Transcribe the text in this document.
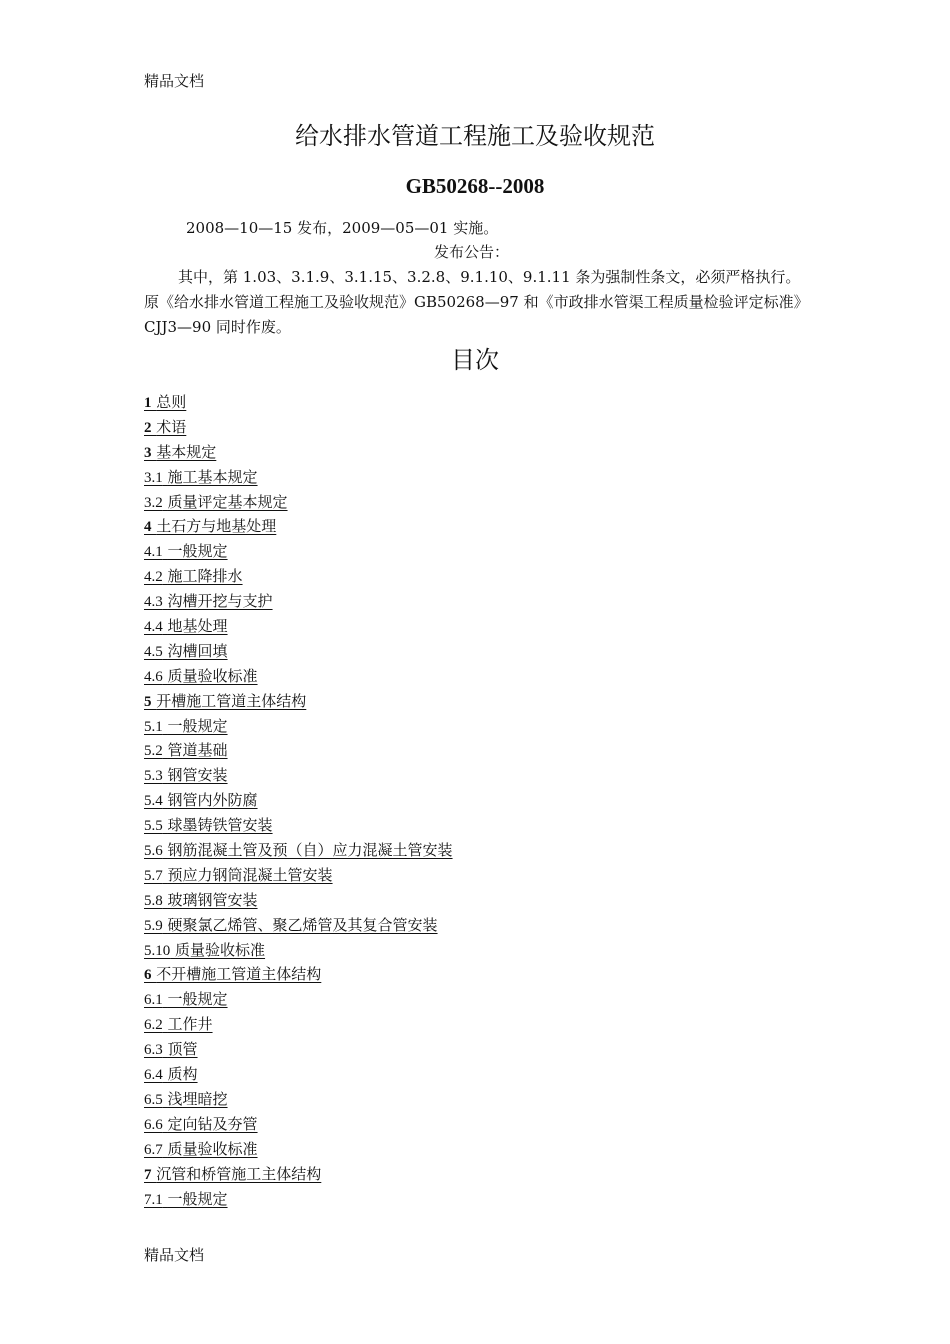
精品文档
给水排水管道工程施工及验收规范
GB50268--2008
2008—10—15 发布，2009—05—01 实施。
发布公告：

其中，第 1.03、3.1.9、3.1.15、3.2.8、9.1.10、9.1.11 条为强制性条文，必须严格执行。

原《给水排水管道工程施工及验收规范》GB50268—97 和《市政排水管渠工程质量检验评定标准》CJJ3—90 同时作废。

目次
1 总则
2 术语
3 基本规定
3.1 施工基本规定
3.2 质量评定基本规定
4 土石方与地基处理
4.1 一般规定
4.2 施工降排水
4.3 沟槽开挖与支护
4.4 地基处理
4.5 沟槽回填
4.6 质量验收标准
5 开槽施工管道主体结构
5.1 一般规定
5.2 管道基础
5.3 钢管安装
5.4 钢管内外防腐
5.5 球墨铸铁管安装
5.6 钢筋混凝土管及预（自）应力混凝土管安装
5.7 预应力钢筒混凝土管安装
5.8 玻璃钢管安装
5.9 硬聚氯乙烯管、聚乙烯管及其复合管安装
5.10 质量验收标准
6 不开槽施工管道主体结构
6.1 一般规定
6.2 工作井
6.3 顶管
6.4 质构
6.5 浅埋暗挖
6.6 定向钻及夯管
6.7 质量验收标准
7 沉管和桥管施工主体结构
7.1 一般规定
精品文档
